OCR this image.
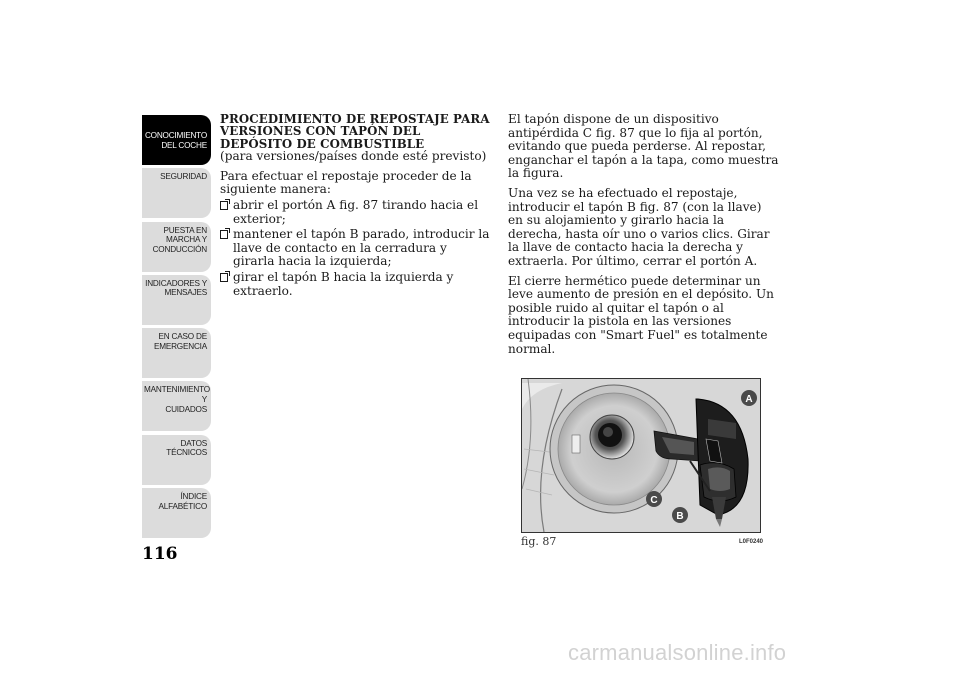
CONOCIMIENTO
DEL COCHE
SEGURIDAD
PUESTA EN
MARCHA Y
CONDUCCIÓN
INDICADORES Y
MENSAJES
EN CASO DE
EMERGENCIA
MANTENIMIENTO Y
CUIDADOS
DATOS TÉCNICOS
ÍNDICE
ALFABÉTICO
116
PROCEDIMIENTO DE REPOSTAJE PARA VERSIONES CON TAPÓN DEL DEPÓSITO DE COMBUSTIBLE
(para versiones/países donde esté previsto)
Para efectuar el repostaje proceder de la siguiente manera:
abrir el portón A fig. 87 tirando hacia el exterior;
mantener el tapón B parado, introducir la llave de contacto en la cerradura y girarla hacia la izquierda;
girar el tapón B hacia la izquierda y extraerlo.
El tapón dispone de un dispositivo antipérdida C fig. 87 que lo fija al portón, evitando que pueda perderse. Al repostar, enganchar el tapón a la tapa, como muestra la figura.
Una vez se ha efectuado el repostaje, introducir el tapón B fig. 87 (con la llave) en su alojamiento y girarlo hacia la derecha, hasta oír uno o varios clics. Girar la llave de contacto hacia la derecha y extraerla. Por último, cerrar el portón A.
El cierre hermético puede determinar un leve aumento de presión en el depósito. Un posible ruido al quitar el tapón o al introducir la pistola en las versiones equipadas con "Smart Fuel" es totalmente normal.
A
C
B
fig. 87	L0F0240
carmanualsonline.info
